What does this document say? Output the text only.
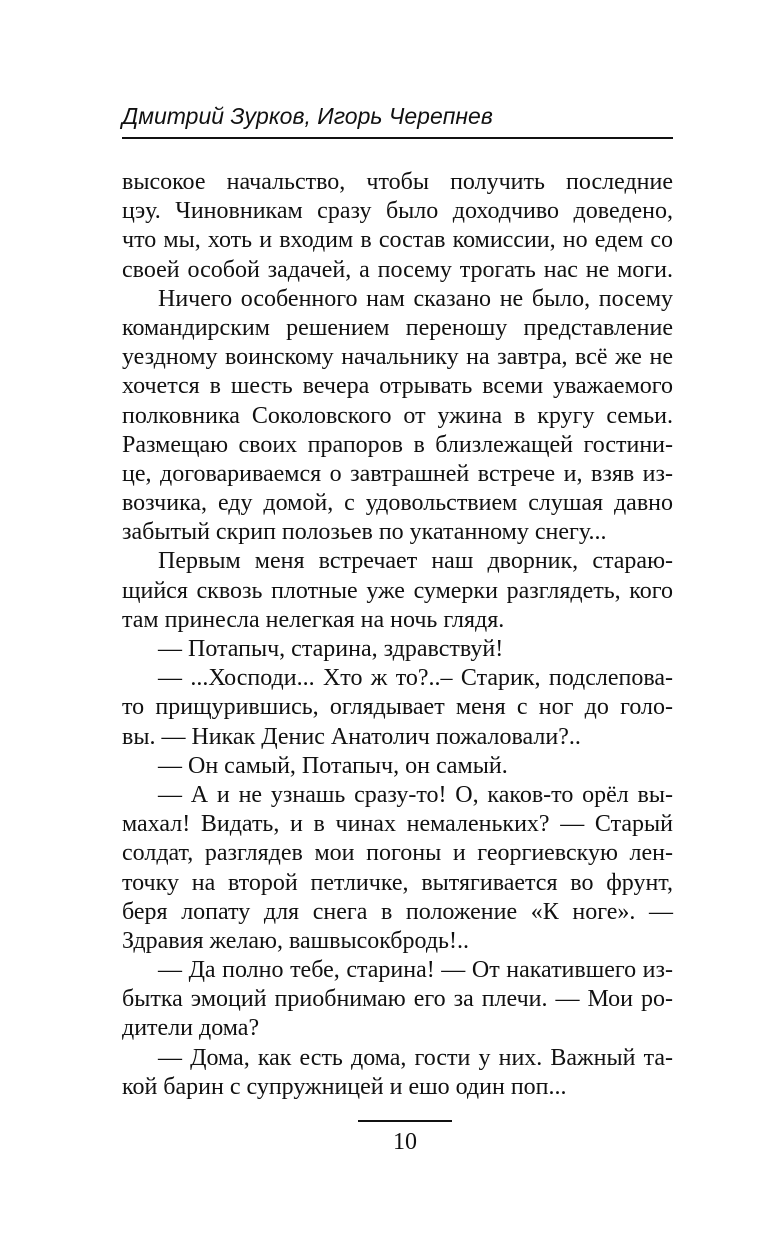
Дмитрий Зурков, Игорь Черепнев
высокое начальство, чтобы получить последние
цэу. Чиновникам сразу было доходчиво доведено,
что мы, хоть и входим в состав комиссии, но едем со
своей особой задачей, а посему трогать нас не моги.
Ничего особенного нам сказано не было, посему
командирским решением переношу представление
уездному воинскому начальнику на завтра, всё же не
хочется в шесть вечера отрывать всеми уважаемого
полковника Соколовского от ужина в кругу семьи.
Размещаю своих прапоров в близлежащей гостини-
це, договариваемся о завтрашней встрече и, взяв из-
возчика, еду домой, с удовольствием слушая давно
забытый скрип полозьев по укатанному снегу...
Первым меня встречает наш дворник, стараю-
щийся сквозь плотные уже сумерки разглядеть, кого
там принесла нелегкая на ночь глядя.
— Потапыч, старина, здравствуй!
— ...Хосподи... Хто ж то?..– Старик, подслепова-
то прищурившись, оглядывает меня с ног до голо-
вы. — Никак Денис Анатолич пожаловали?..
— Он самый, Потапыч, он самый.
— А и не узнашь сразу-то! О, каков-то орёл вы-
махал! Видать, и в чинах немаленьких? — Старый
солдат, разглядев мои погоны и георгиевскую лен-
точку на второй петличке, вытягивается во фрунт,
беря лопату для снега в положение «К ноге». —
Здравия желаю, вашвысокбродь!..
— Да полно тебе, старина! — От накатившего из-
бытка эмоций приобнимаю его за плечи. — Мои ро-
дители дома?
— Дома, как есть дома, гости у них. Важный та-
кой барин с супружницей и ешо один поп...
10
